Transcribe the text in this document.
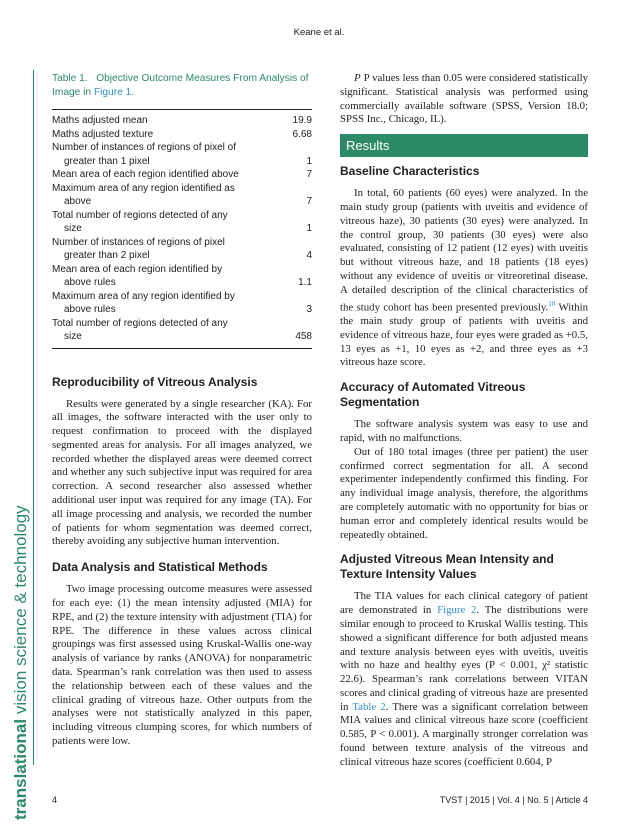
Keane et al.
translational vision science & technology
Table 1. Objective Outcome Measures From Analysis of Image in Figure 1.
Maths adjusted mean	19.9
Maths adjusted texture	6.68
Number of instances of regions of pixel of
greater than 1 pixel	1
Mean area of each region identified above	7
Maximum area of any region identified as
above	7
Total number of regions detected of any
size	1
Number of instances of regions of pixel
greater than 2 pixel	4
Mean area of each region identified by
above rules	1.1
Maximum area of any region identified by
above rules	3
Total number of regions detected of any
size	458

Reproducibility of Vitreous Analysis

Results were generated by a single researcher (KA). For all images, the software interacted with the user only to request confirmation to proceed with the displayed segmented areas for analysis. For all images analyzed, we recorded whether the displayed areas were deemed correct and whether any such subjective input was required for area correction. A second researcher also assessed whether additional user input was required for any image (TA). For all image processing and analysis, we recorded the number of patients for whom segmentation was deemed correct, thereby avoiding any subjective human intervention.

Data Analysis and Statistical Methods

Two image processing outcome measures were assessed for each eye: (1) the mean intensity adjusted (MIA) for RPE, and (2) the texture intensity with adjustment (TIA) for RPE. The difference in these values across clinical groupings was first assessed using Kruskal-Wallis one-way analysis of variance by ranks (ANOVA) for nonparametric data. Spearman’s rank correlation was then used to assess the relationship between each of these values and the clinical grading of vitreous haze. Other outputs from the analyses were not statistically analyzed in this paper, including vitreous clumping scores, for which numbers of patients were low.

P P values less than 0.05 were considered statistically significant. Statistical analysis was performed using commercially available software (SPSS, Version 18.0; SPSS Inc., Chicago, IL).

Results

Baseline Characteristics

In total, 60 patients (60 eyes) were analyzed. In the main study group (patients with uveitis and evidence of vitreous haze), 30 patients (30 eyes) were analyzed. In the control group, 30 patients (30 eyes) were also evaluated, consisting of 12 patient (12 eyes) with uveitis but without vitreous haze, and 18 patients (18 eyes) without any evidence of uveitis or vitreoretinal disease. A detailed description of the clinical characteristics of the study cohort has been presented previously.$^{10}$ Within the main study group of patients with uveitis and evidence of vitreous haze, four eyes were graded as +0.5, 13 eyes as +1, 10 eyes as +2, and three eyes as +3 vitreous haze score.

Accuracy of Automated Vitreous Segmentation

The software analysis system was easy to use and rapid, with no malfunctions.

Out of 180 total images (three per patient) the user confirmed correct segmentation for all. A second experimenter independently confirmed this finding. For any individual image analysis, therefore, the algorithms are completely automatic with no opportunity for bias or human error and completely identical results would be repeatedly obtained.

Adjusted Vitreous Mean Intensity and Texture Intensity Values

The TIA values for each clinical category of patient are demonstrated in Figure 2. The distributions were similar enough to proceed to Kruskal Wallis testing. This showed a significant difference for both adjusted means and texture analysis between eyes with uveitis, uveitis with no haze and healthy eyes (P < 0.001, χ² statistic 22.6). Spearman’s rank correlations between VITAN scores and clinical grading of vitreous haze are presented in Table 2. There was a significant correlation between MIA values and clinical vitreous haze score (coefficient 0.585, P < 0.001). A marginally stronger correlation was found between texture analysis of the vitreous and clinical vitreous haze scores (coefficient 0.604, P

4	TVST | 2015 | Vol. 4 | No. 5 | Article 4
